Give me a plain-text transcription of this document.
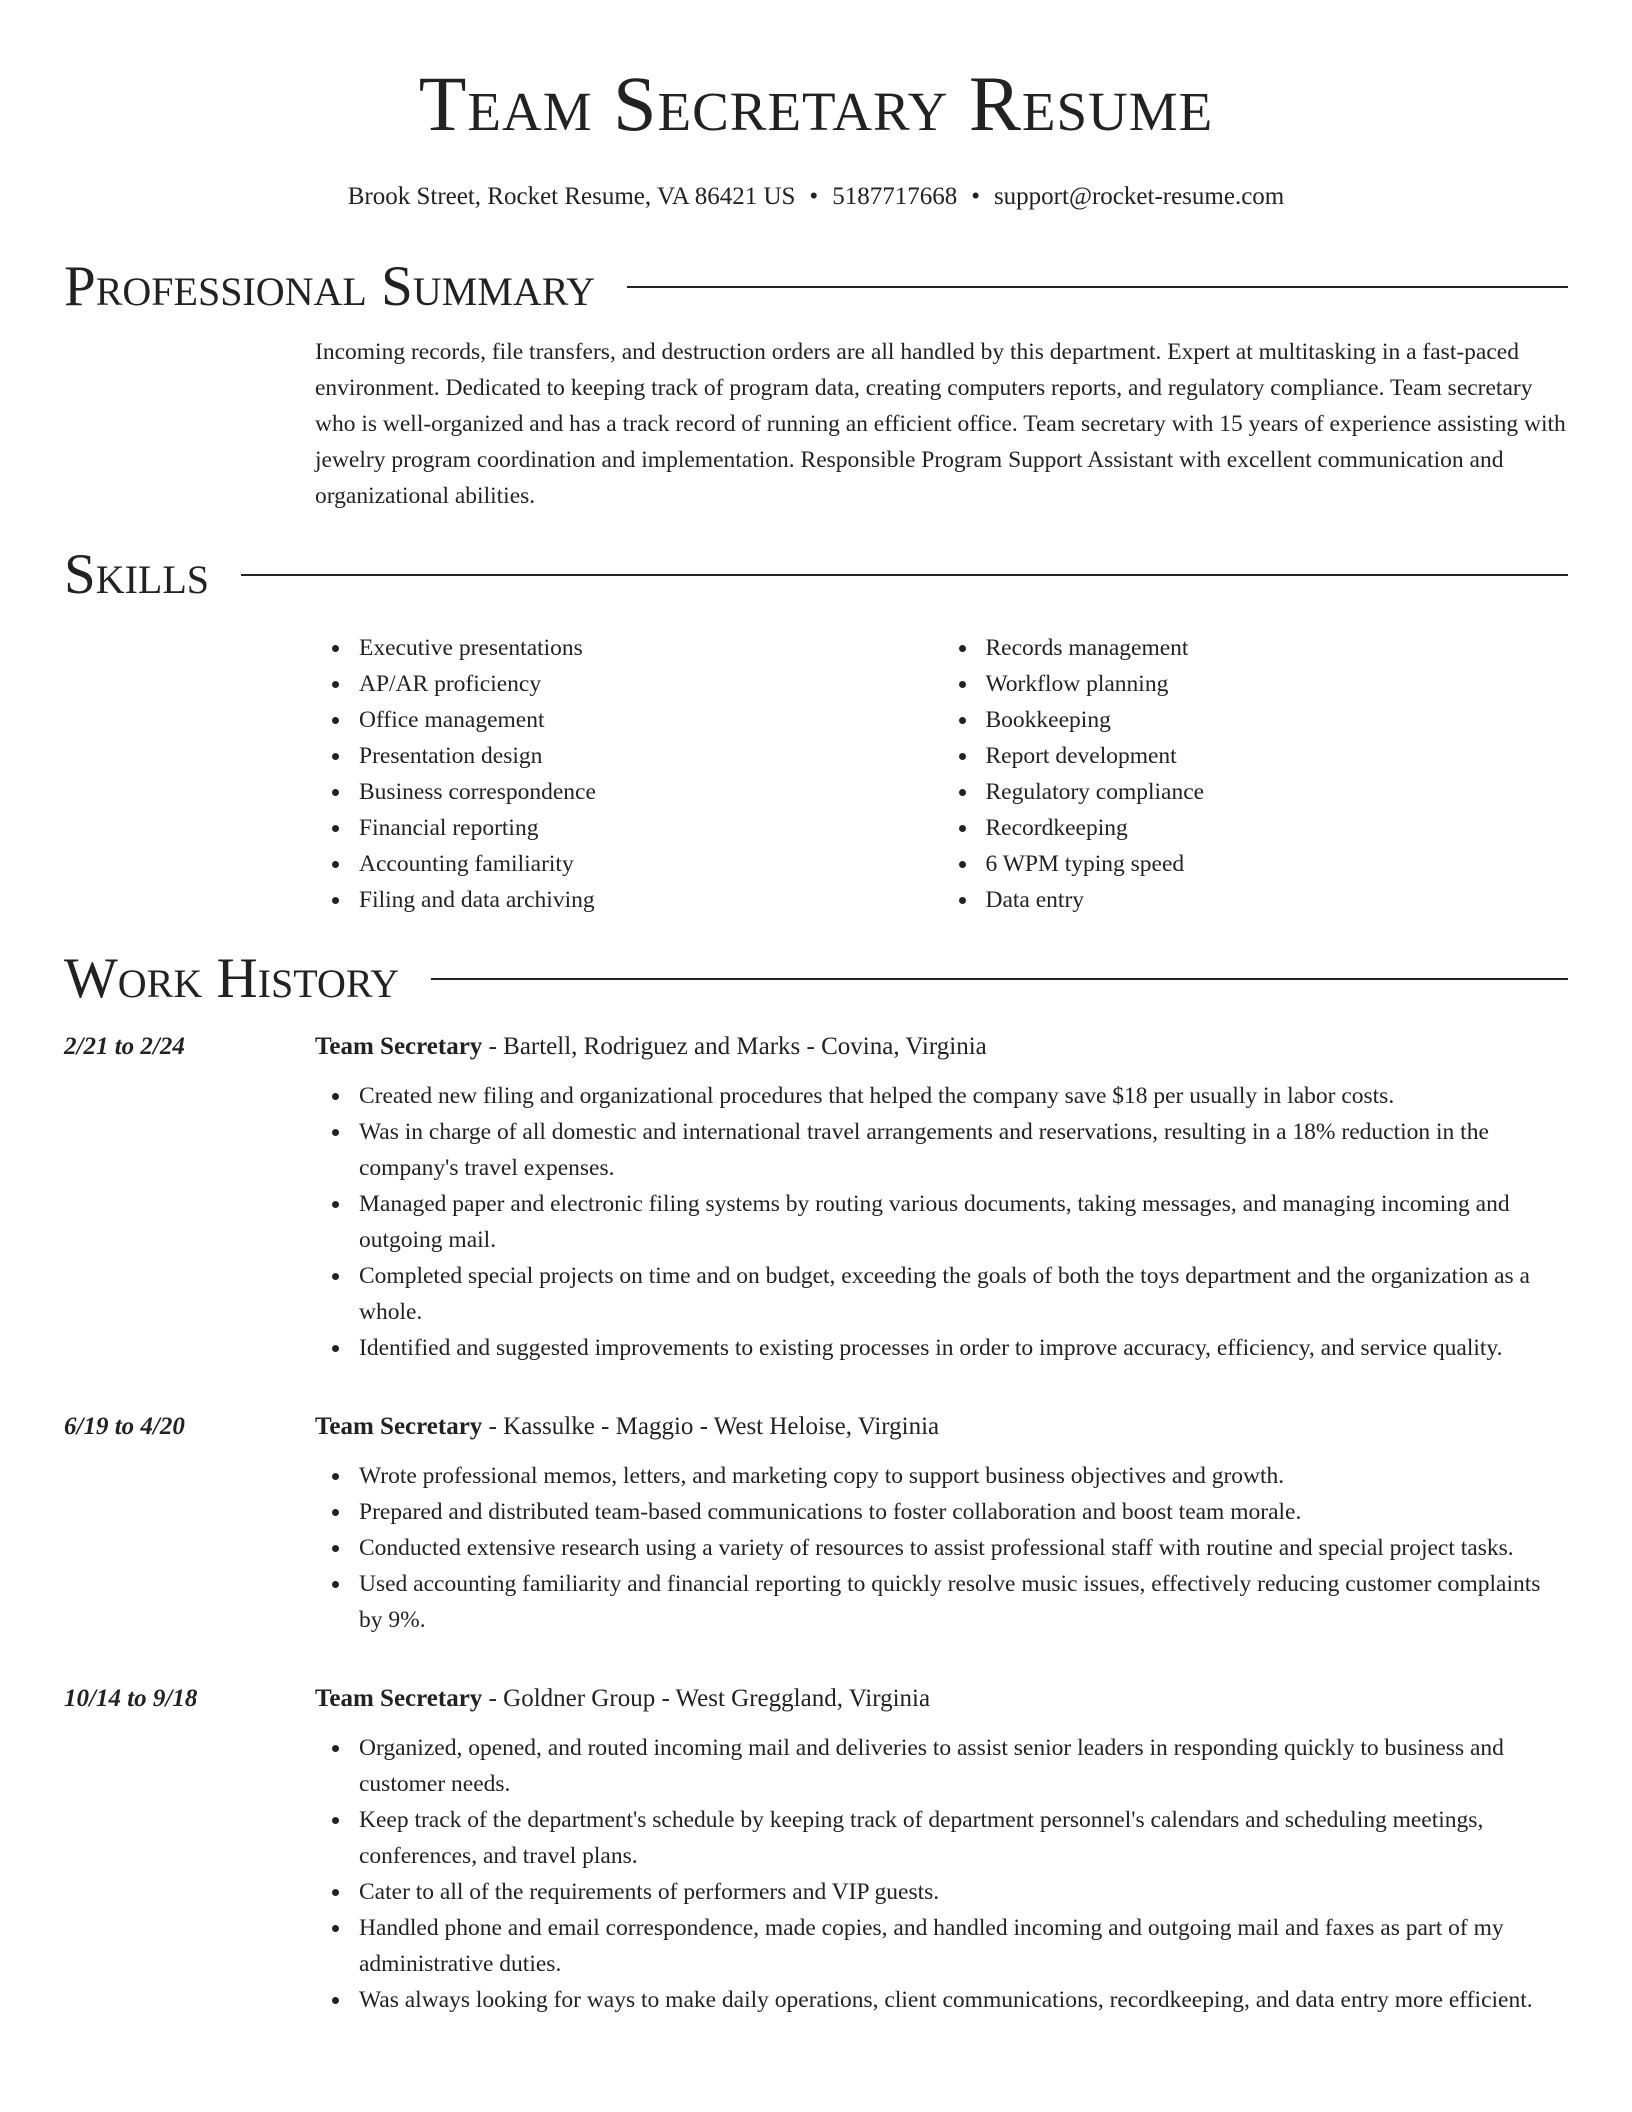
Team Secretary Resume
Brook Street, Rocket Resume, VA 86421 US • 5187717668 • support@rocket-resume.com
Professional Summary
Incoming records, file transfers, and destruction orders are all handled by this department. Expert at multitasking in a fast-paced environment. Dedicated to keeping track of program data, creating computers reports, and regulatory compliance. Team secretary who is well-organized and has a track record of running an efficient office. Team secretary with 15 years of experience assisting with jewelry program coordination and implementation. Responsible Program Support Assistant with excellent communication and organizational abilities.
Skills
Executive presentations
AP/AR proficiency
Office management
Presentation design
Business correspondence
Financial reporting
Accounting familiarity
Filing and data archiving
Records management
Workflow planning
Bookkeeping
Report development
Regulatory compliance
Recordkeeping
6 WPM typing speed
Data entry
Work History
2/21 to 2/24	Team Secretary - Bartell, Rodriguez and Marks - Covina, Virginia
Created new filing and organizational procedures that helped the company save $18 per usually in labor costs.
Was in charge of all domestic and international travel arrangements and reservations, resulting in a 18% reduction in the company's travel expenses.
Managed paper and electronic filing systems by routing various documents, taking messages, and managing incoming and outgoing mail.
Completed special projects on time and on budget, exceeding the goals of both the toys department and the organization as a whole.
Identified and suggested improvements to existing processes in order to improve accuracy, efficiency, and service quality.
6/19 to 4/20	Team Secretary - Kassulke - Maggio - West Heloise, Virginia
Wrote professional memos, letters, and marketing copy to support business objectives and growth.
Prepared and distributed team-based communications to foster collaboration and boost team morale.
Conducted extensive research using a variety of resources to assist professional staff with routine and special project tasks.
Used accounting familiarity and financial reporting to quickly resolve music issues, effectively reducing customer complaints by 9%.
10/14 to 9/18	Team Secretary - Goldner Group - West Greggland, Virginia
Organized, opened, and routed incoming mail and deliveries to assist senior leaders in responding quickly to business and customer needs.
Keep track of the department's schedule by keeping track of department personnel's calendars and scheduling meetings, conferences, and travel plans.
Cater to all of the requirements of performers and VIP guests.
Handled phone and email correspondence, made copies, and handled incoming and outgoing mail and faxes as part of my administrative duties.
Was always looking for ways to make daily operations, client communications, recordkeeping, and data entry more efficient.
